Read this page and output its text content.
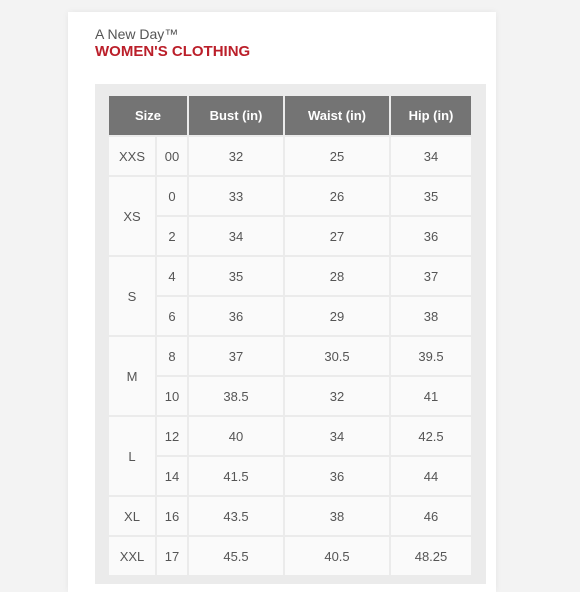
A New Day™
WOMEN'S CLOTHING
Size		Bust (in)	Waist (in)	Hip (in)
XXS	00	32	25	34
XS	0	33	26	35
	2	34	27	36
S	4	35	28	37
	6	36	29	38
M	8	37	30.5	39.5
	10	38.5	32	41
L	12	40	34	42.5
	14	41.5	36	44
XL	16	43.5	38	46
XXL	17	45.5	40.5	48.25
